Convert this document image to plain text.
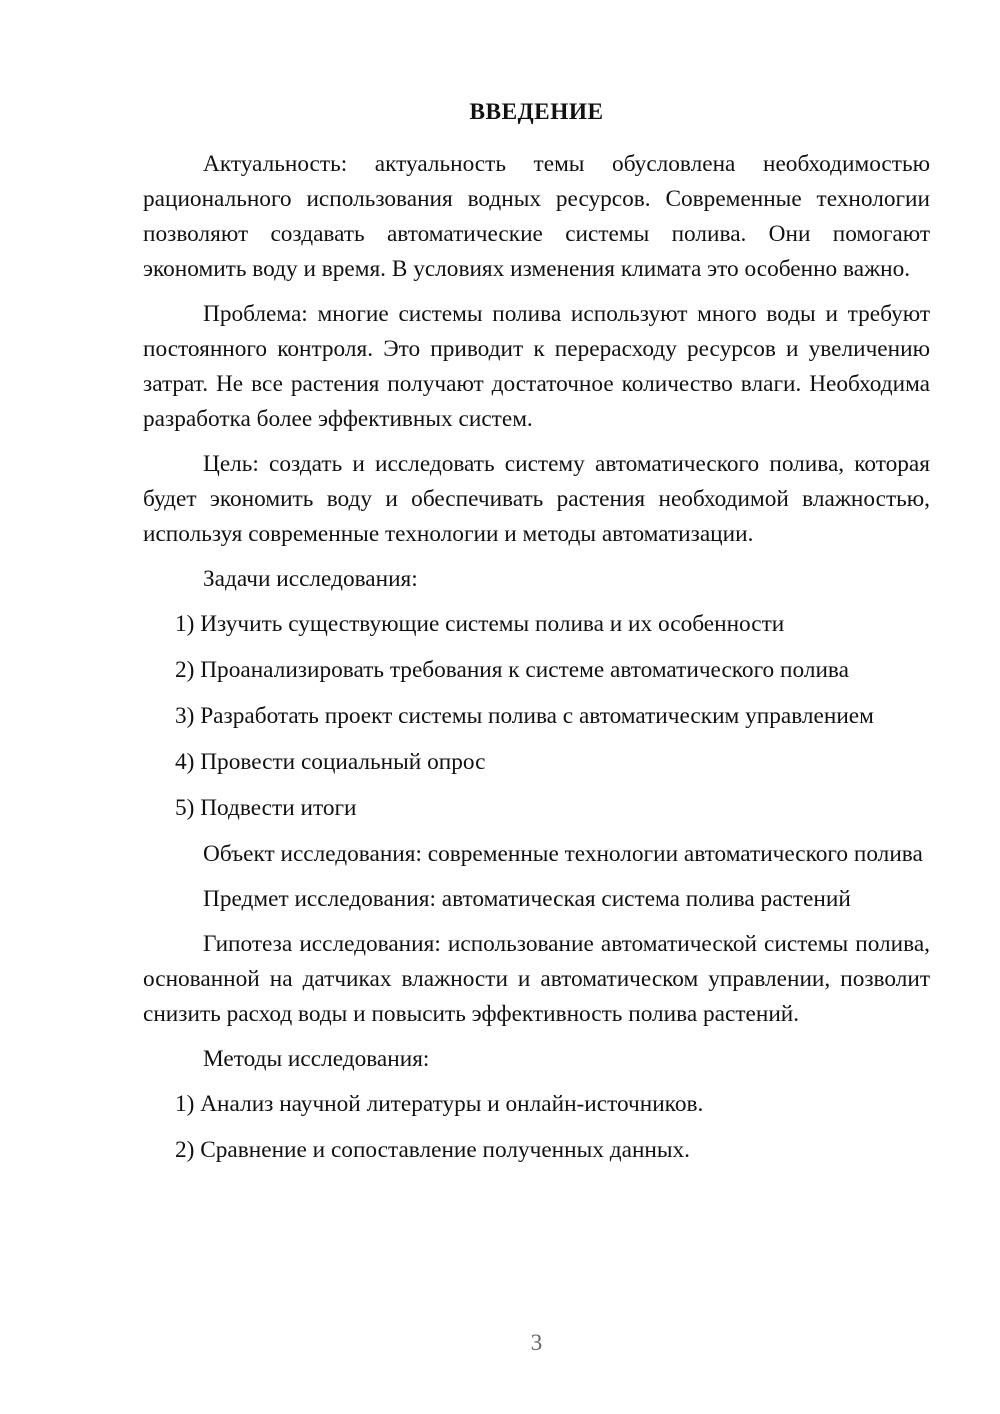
ВВЕДЕНИЕ

Актуальность: актуальность темы обусловлена необходимостью рационального использования водных ресурсов. Современные технологии позволяют создавать автоматические системы полива. Они помогают экономить воду и время. В условиях изменения климата это особенно важно.

Проблема: многие системы полива используют много воды и требуют постоянного контроля. Это приводит к перерасходу ресурсов и увеличению затрат. Не все растения получают достаточное количество влаги. Необходима разработка более эффективных систем.

Цель: создать и исследовать систему автоматического полива, которая будет экономить воду и обеспечивать растения необходимой влажностью, используя современные технологии и методы автоматизации.

Задачи исследования:

1) Изучить существующие системы полива и их особенности

2) Проанализировать требования к системе автоматического полива

3) Разработать проект системы полива с автоматическим управлением

4) Провести социальный опрос

5) Подвести итоги

Объект исследования: современные технологии автоматического полива

Предмет исследования: автоматическая система полива растений

Гипотеза исследования: использование автоматической системы полива, основанной на датчиках влажности и автоматическом управлении, позволит снизить расход воды и повысить эффективность полива растений.

Методы исследования:

1) Анализ научной литературы и онлайн-источников.

2) Сравнение и сопоставление полученных данных.

3
